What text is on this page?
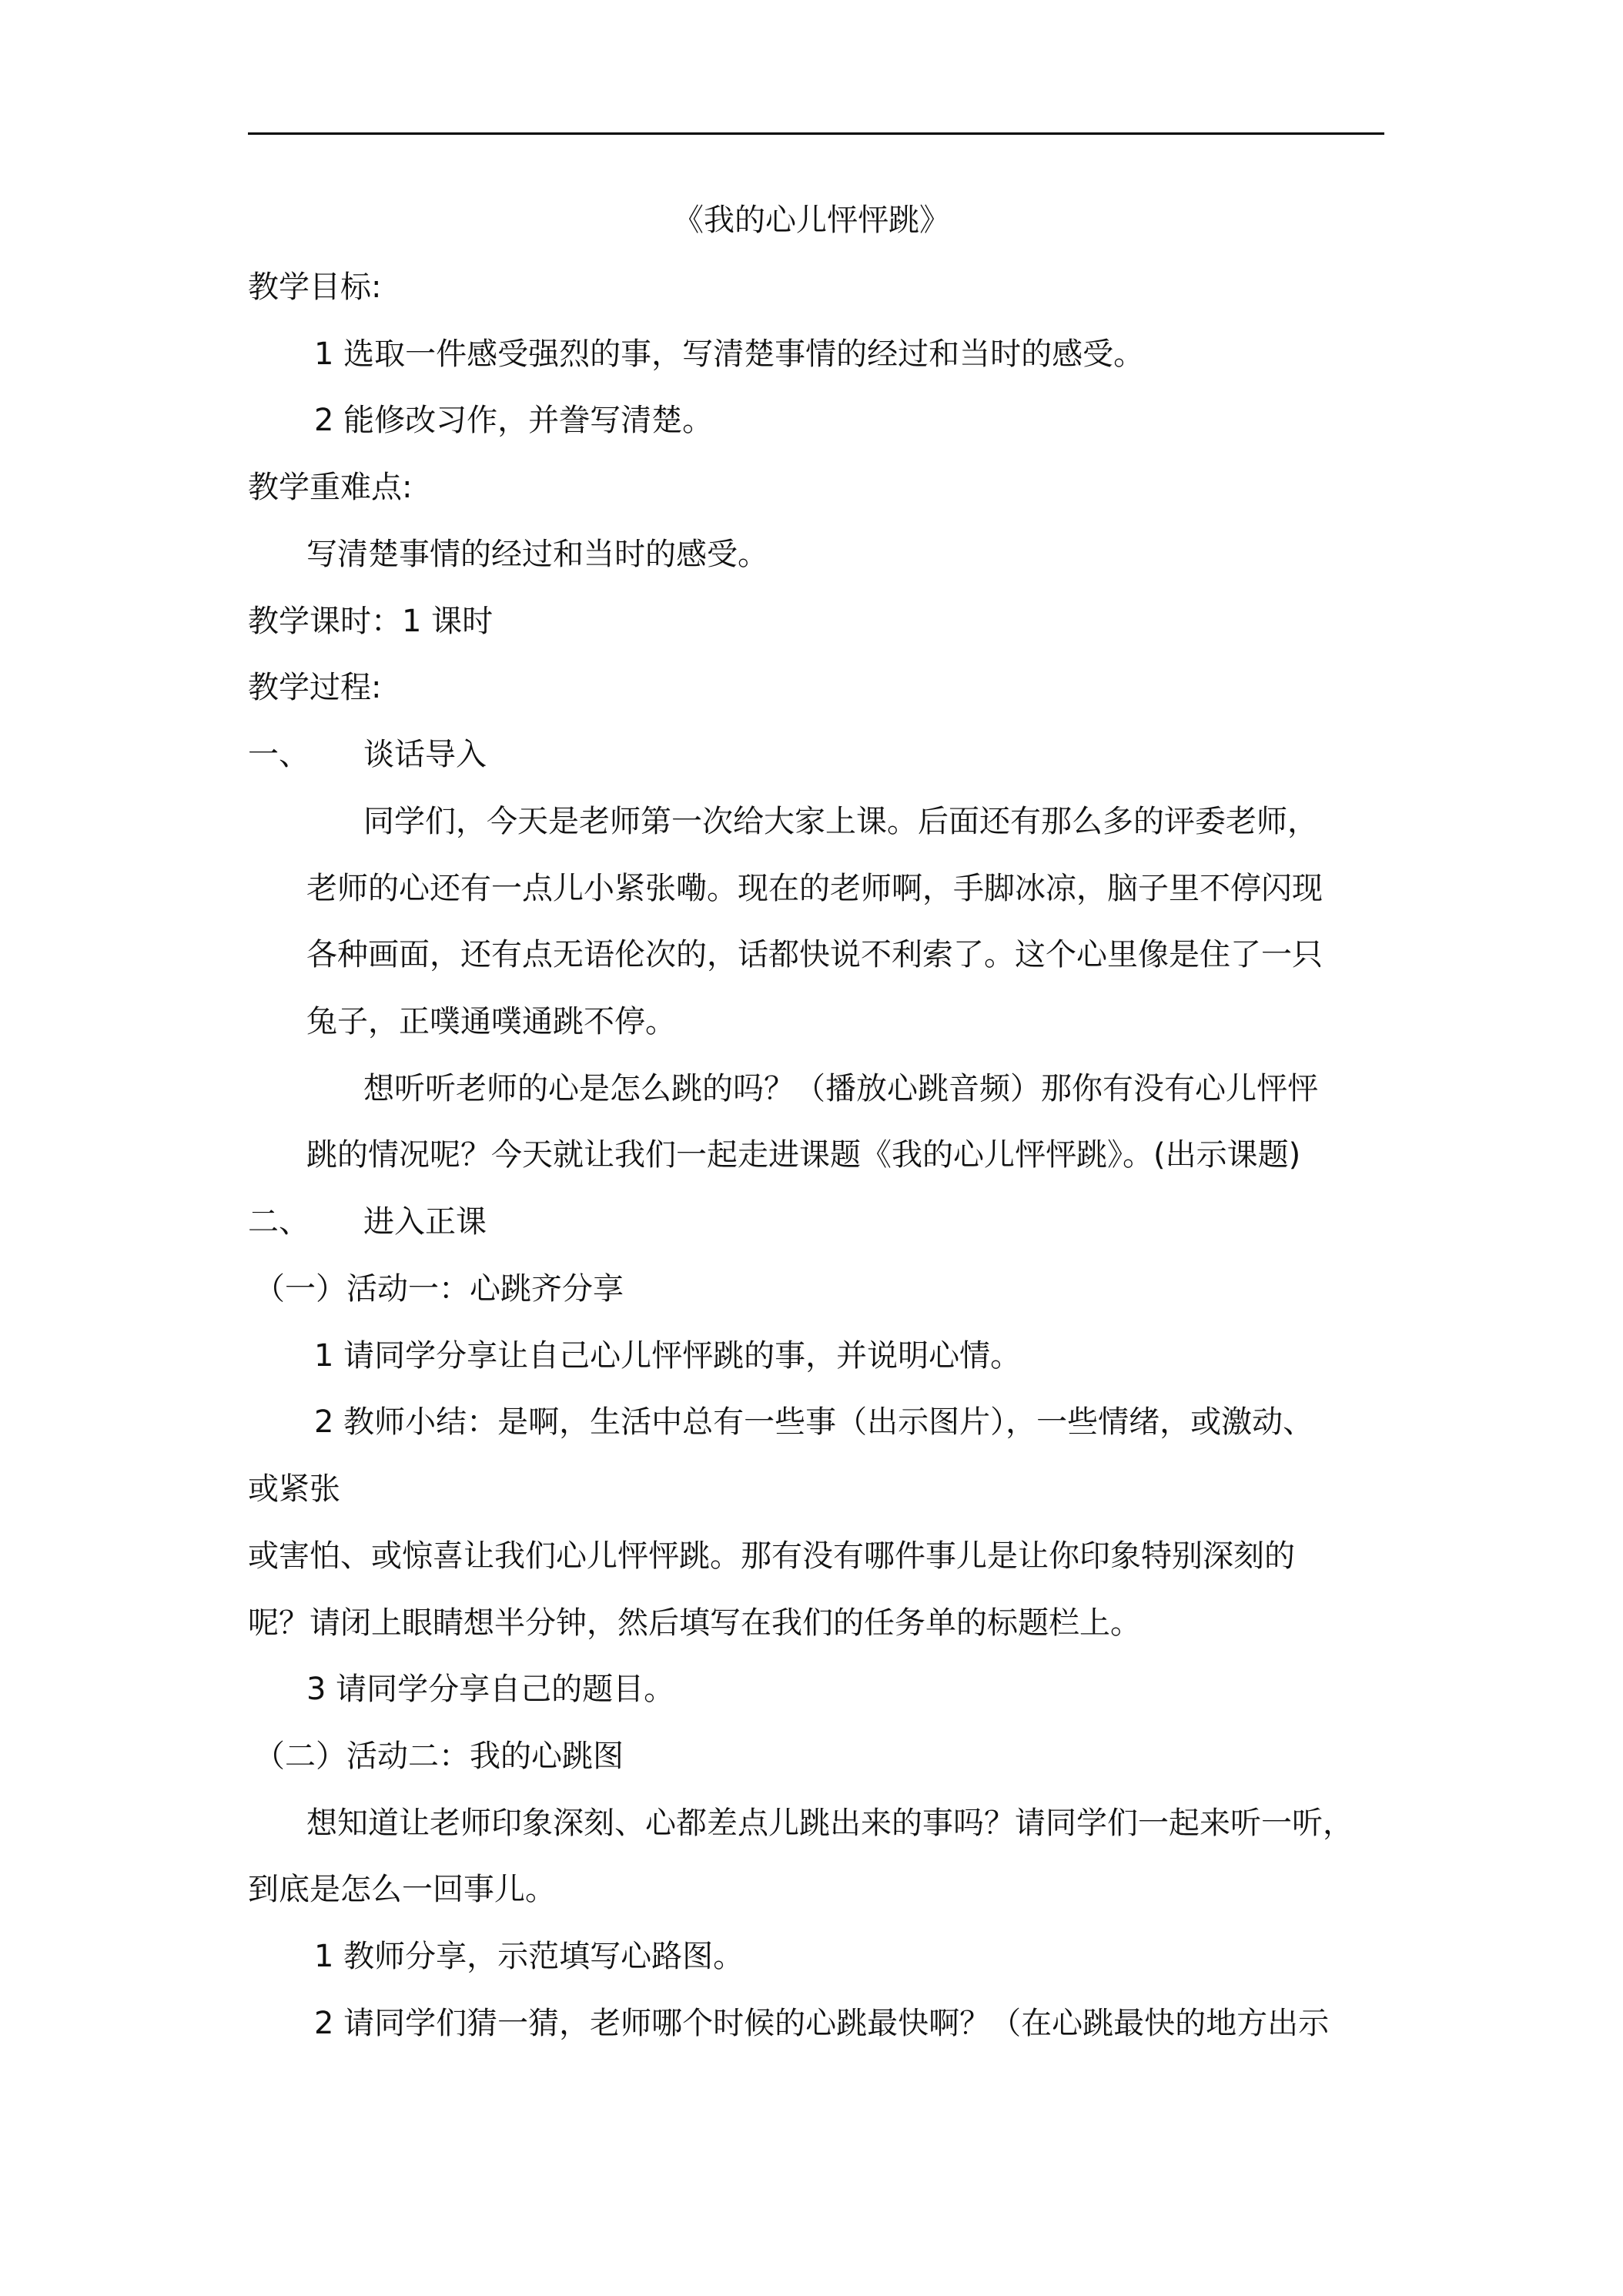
《我的心儿怦怦跳》
教学目标:
1 选取一件感受强烈的事，写清楚事情的经过和当时的感受。
2 能修改习作，并誊写清楚。
教学重难点:
写清楚事情的经过和当时的感受。
教学课时：1 课时
教学过程:
一、 谈话导入
同学们，今天是老师第一次给大家上课。后面还有那么多的评委老师，
老师的心还有一点儿小紧张嘞。现在的老师啊，手脚冰凉，脑子里不停闪现
各种画面，还有点无语伦次的，话都快说不利索了。这个心里像是住了一只
兔子，正噗通噗通跳不停。
想听听老师的心是怎么跳的吗？（播放心跳音频）那你有没有心儿怦怦
跳的情况呢？今天就让我们一起走进课题《我的心儿怦怦跳》。(出示课题)
二、 进入正课
（一）活动一：心跳齐分享
1 请同学分享让自己心儿怦怦跳的事，并说明心情。
2 教师小结：是啊，生活中总有一些事（出示图片），一些情绪，或激动、
或紧张
或害怕、或惊喜让我们心儿怦怦跳。那有没有哪件事儿是让你印象特别深刻的
呢？请闭上眼睛想半分钟，然后填写在我们的任务单的标题栏上。
3 请同学分享自己的题目。
（二）活动二：我的心跳图
想知道让老师印象深刻、心都差点儿跳出来的事吗？请同学们一起来听一听，
到底是怎么一回事儿。
1 教师分享，示范填写心路图。
2 请同学们猜一猜，老师哪个时候的心跳最快啊？（在心跳最快的地方出示
